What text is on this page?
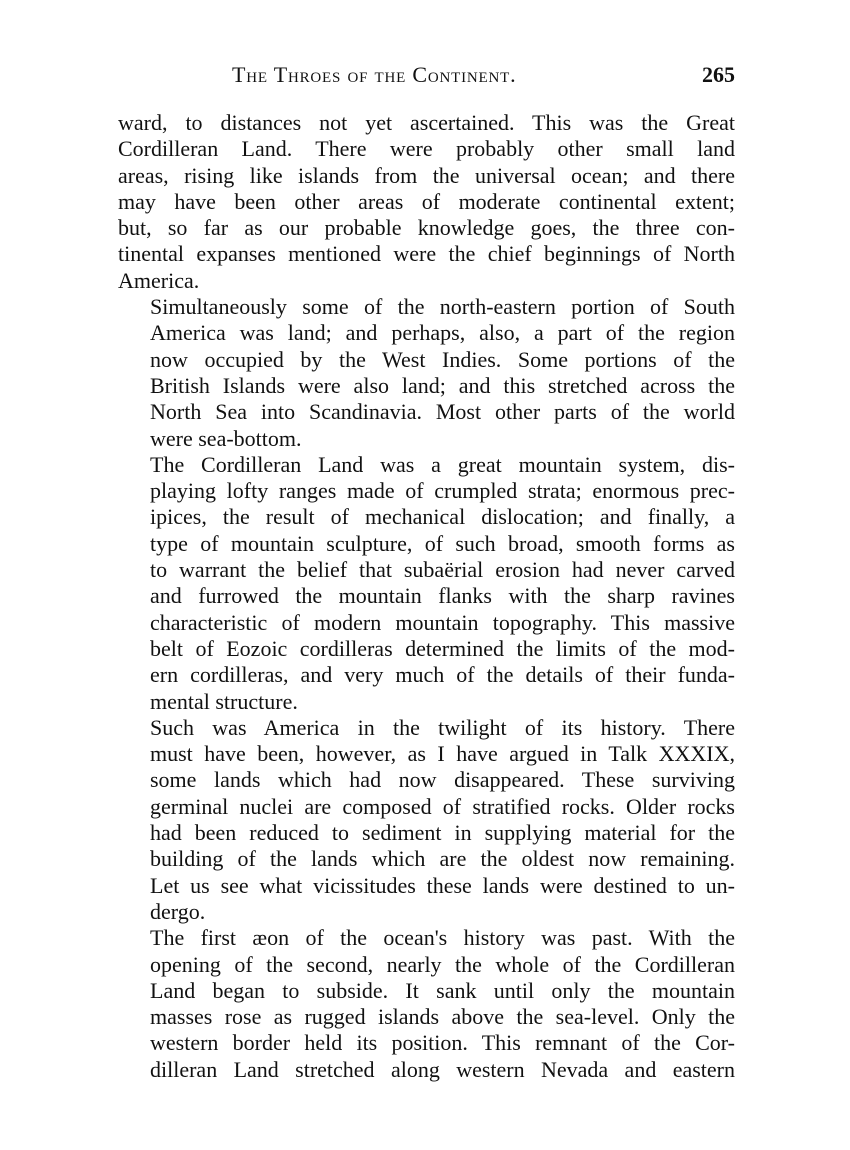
The Throes of the Continent.	265

ward, to distances not yet ascertained. This was the Great
Cordilleran Land. There were probably other small land
areas, rising like islands from the universal ocean; and there
may have been other areas of moderate continental extent;
but, so far as our probable knowledge goes, the three con-
tinental expanses mentioned were the chief beginnings of North
America.

Simultaneously some of the north-eastern portion of South
America was land; and perhaps, also, a part of the region
now occupied by the West Indies. Some portions of the
British Islands were also land; and this stretched across the
North Sea into Scandinavia. Most other parts of the world
were sea-bottom.

The Cordilleran Land was a great mountain system, dis-
playing lofty ranges made of crumpled strata; enormous prec-
ipices, the result of mechanical dislocation; and finally, a
type of mountain sculpture, of such broad, smooth forms as
to warrant the belief that subaërial erosion had never carved
and furrowed the mountain flanks with the sharp ravines
characteristic of modern mountain topography. This massive
belt of Eozoic cordilleras determined the limits of the mod-
ern cordilleras, and very much of the details of their funda-
mental structure.

Such was America in the twilight of its history. There
must have been, however, as I have argued in Talk XXXIX,
some lands which had now disappeared. These surviving
germinal nuclei are composed of stratified rocks. Older rocks
had been reduced to sediment in supplying material for the
building of the lands which are the oldest now remaining.
Let us see what vicissitudes these lands were destined to un-
dergo.

The first æon of the ocean's history was past. With the
opening of the second, nearly the whole of the Cordilleran
Land began to subside. It sank until only the mountain
masses rose as rugged islands above the sea-level. Only the
western border held its position. This remnant of the Cor-
dilleran Land stretched along western Nevada and eastern
